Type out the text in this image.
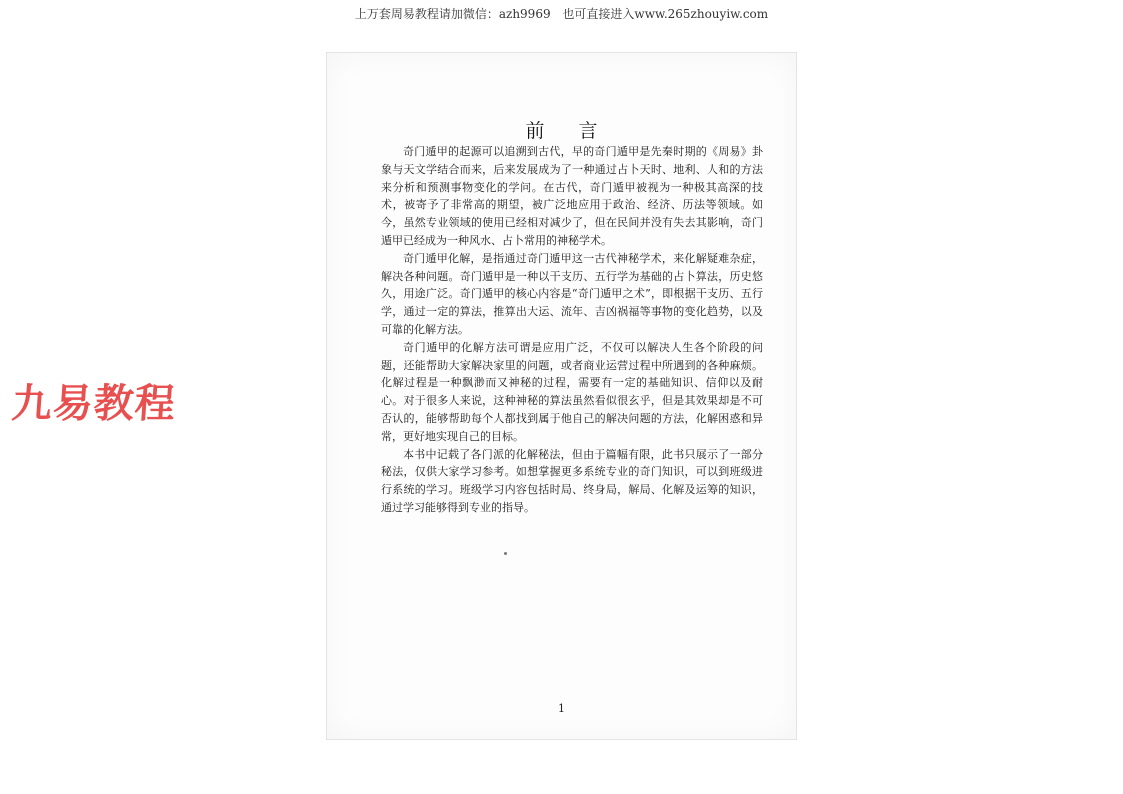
上万套周易教程请加微信：azh9969 也可直接进入www.265zhouyiw.com
前 言

奇门遁甲的起源可以追溯到古代，早的奇门遁甲是先秦时期的《周易》卦象与天文学结合而来，后来发展成为了一种通过占卜天时、地利、人和的方法来分析和预测事物变化的学问。在古代，奇门遁甲被视为一种极其高深的技术，被寄予了非常高的期望，被广泛地应用于政治、经济、历法等领域。如今，虽然专业领域的使用已经相对减少了，但在民间并没有失去其影响，奇门遁甲已经成为一种风水、占卜常用的神秘学术。

奇门遁甲化解，是指通过奇门遁甲这一古代神秘学术，来化解疑难杂症，解决各种问题。奇门遁甲是一种以干支历、五行学为基础的占卜算法，历史悠久，用途广泛。奇门遁甲的核心内容是“奇门遁甲之术”，即根据干支历、五行学，通过一定的算法，推算出大运、流年、吉凶祸福等事物的变化趋势，以及可靠的化解方法。

奇门遁甲的化解方法可谓是应用广泛，不仅可以解决人生各个阶段的问题，还能帮助大家解决家里的问题，或者商业运营过程中所遇到的各种麻烦。化解过程是一种飘渺而又神秘的过程，需要有一定的基础知识、信仰以及耐心。对于很多人来说，这种神秘的算法虽然看似很玄乎，但是其效果却是不可否认的，能够帮助每个人都找到属于他自己的解决问题的方法，化解困惑和异常，更好地实现自己的目标。

本书中记载了各门派的化解秘法，但由于篇幅有限，此书只展示了一部分秘法，仅供大家学习参考。如想掌握更多系统专业的奇门知识，可以到班级进行系统的学习。班级学习内容包括时局、终身局，解局、化解及运筹的知识，通过学习能够得到专业的指导。

1
九易教程
